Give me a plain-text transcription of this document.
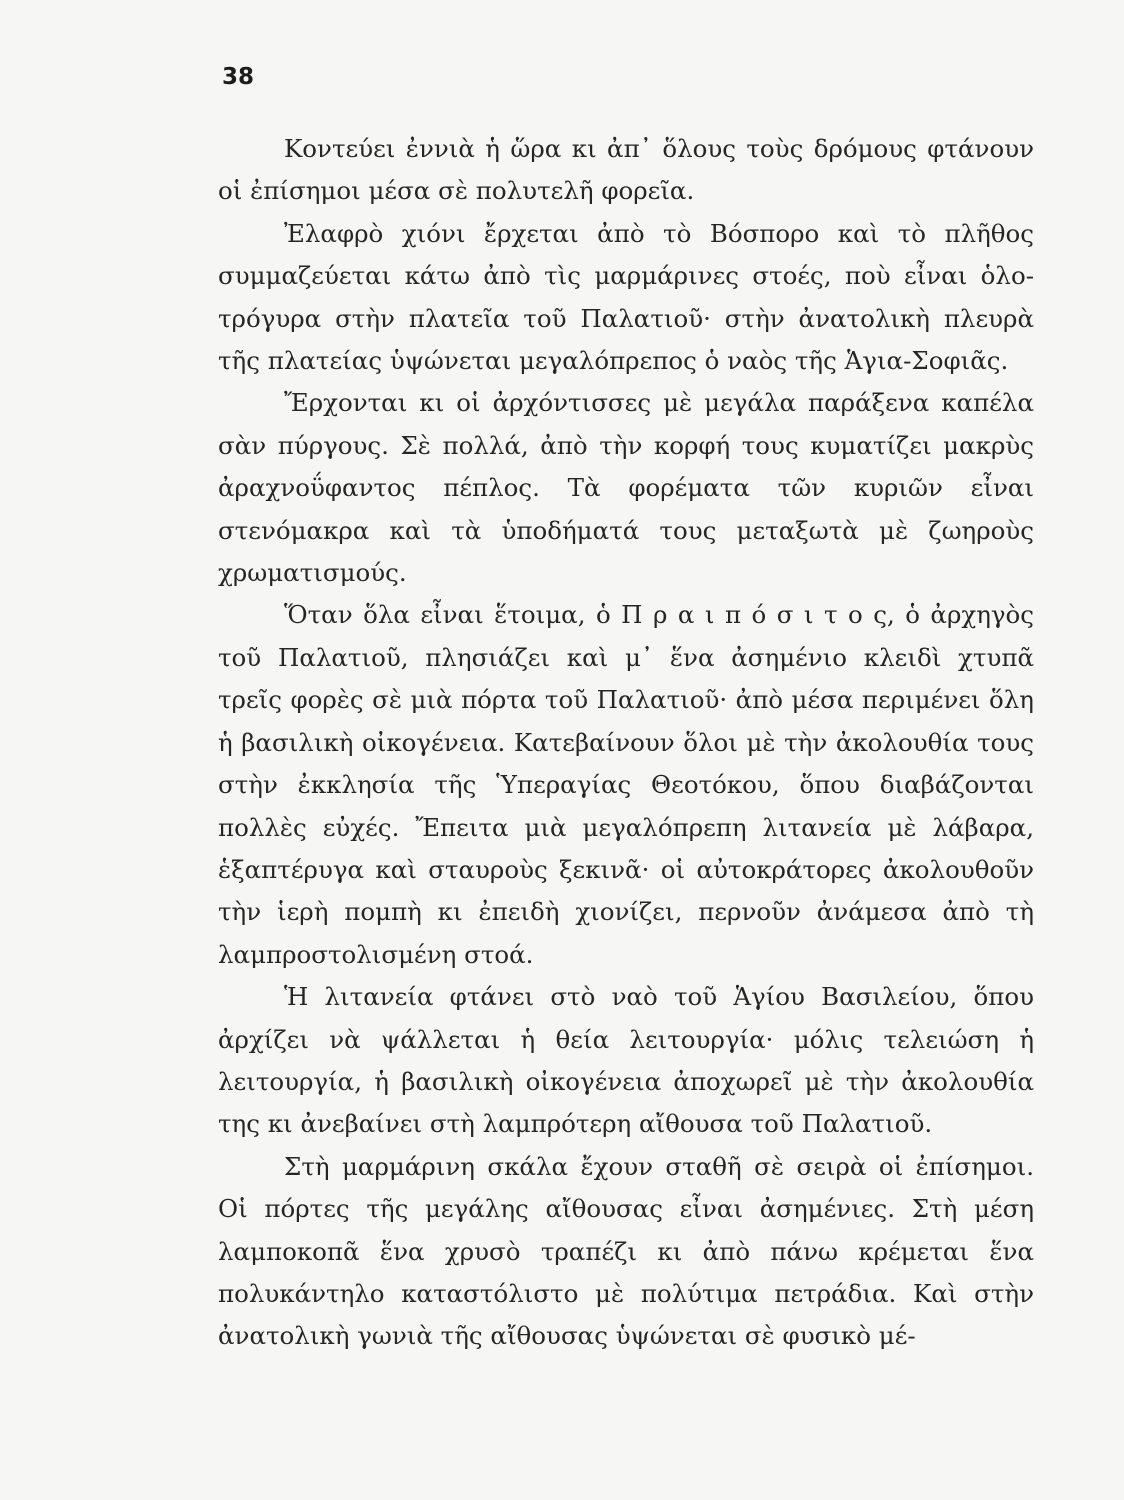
38

Κοντεύει ἐννιὰ ἡ ὥρα κι ἀπ᾽ ὅλους τοὺς δρόμους φτάνουν οἱ ἐπίσημοι μέσα σὲ πολυτελῆ φορεῖα.

Ἐλαφρὸ χιόνι ἔρχεται ἀπὸ τὸ Βόσπορο καὶ τὸ πλῆθος συμμαζεύεται κάτω ἀπὸ τὶς μαρμάρινες στοές, ποὺ εἶναι ὁλοτρόγυρα στὴν πλατεῖα τοῦ Παλατιοῦ· στὴν ἀνατολικὴ πλευρὰ τῆς πλατείας ὑψώνεται μεγαλόπρεπος ὁ ναὸς τῆς Ἁγια-Σοφιᾶς.

Ἔρχονται κι οἱ ἀρχόντισσες μὲ μεγάλα παράξενα καπέλα σὰν πύργους. Σὲ πολλά, ἀπὸ τὴν κορφή τους κυματίζει μακρὺς ἀραχνοΰφαντος πέπλος. Τὰ φορέματα τῶν κυριῶν εἶναι στενόμακρα καὶ τὰ ὑποδήματά τους μεταξωτὰ μὲ ζωηροὺς χρωματισμούς.

Ὅταν ὅλα εἶναι ἕτοιμα, ὁ Π ρ α ι π ό σ ι τ ο ς, ὁ ἀρχηγὸς τοῦ Παλατιοῦ, πλησιάζει καὶ μ᾽ ἕνα ἀσημένιο κλειδὶ χτυπᾶ τρεῖς φορὲς σὲ μιὰ πόρτα τοῦ Παλατιοῦ· ἀπὸ μέσα περιμένει ὅλη ἡ βασιλικὴ οἰκογένεια. Κατεβαίνουν ὅλοι μὲ τὴν ἀκολουθία τους στὴν ἐκκλησία τῆς Ὑπεραγίας Θεοτόκου, ὅπου διαβάζονται πολλὲς εὐχές. Ἔπειτα μιὰ μεγαλόπρεπη λιτανεία μὲ λάβαρα, ἑξαπτέρυγα καὶ σταυροὺς ξεκινᾶ· οἱ αὐτοκράτορες ἀκολουθοῦν τὴν ἱερὴ πομπὴ κι ἐπειδὴ χιονίζει, περνοῦν ἀνάμεσα ἀπὸ τὴ λαμπροστολισμένη στοά.

Ἡ λιτανεία φτάνει στὸ ναὸ τοῦ Ἁγίου Βασιλείου, ὅπου ἀρχίζει νὰ ψάλλεται ἡ θεία λειτουργία· μόλις τελειώση ἡ λειτουργία, ἡ βασιλικὴ οἰκογένεια ἀποχωρεῖ μὲ τὴν ἀκολουθία της κι ἀνεβαίνει στὴ λαμπρότερη αἴθουσα τοῦ Παλατιοῦ.

Στὴ μαρμάρινη σκάλα ἔχουν σταθῆ σὲ σειρὰ οἱ ἐπίσημοι. Οἱ πόρτες τῆς μεγάλης αἴθουσας εἶναι ἀσημένιες. Στὴ μέση λαμποκοπᾶ ἕνα χρυσὸ τραπέζι κι ἀπὸ πάνω κρέμεται ἕνα πολυκάντηλο καταστόλιστο μὲ πολύτιμα πετράδια. Καὶ στὴν ἀνατολικὴ γωνιὰ τῆς αἴθουσας ὑψώνεται σὲ φυσικὸ μέ-
